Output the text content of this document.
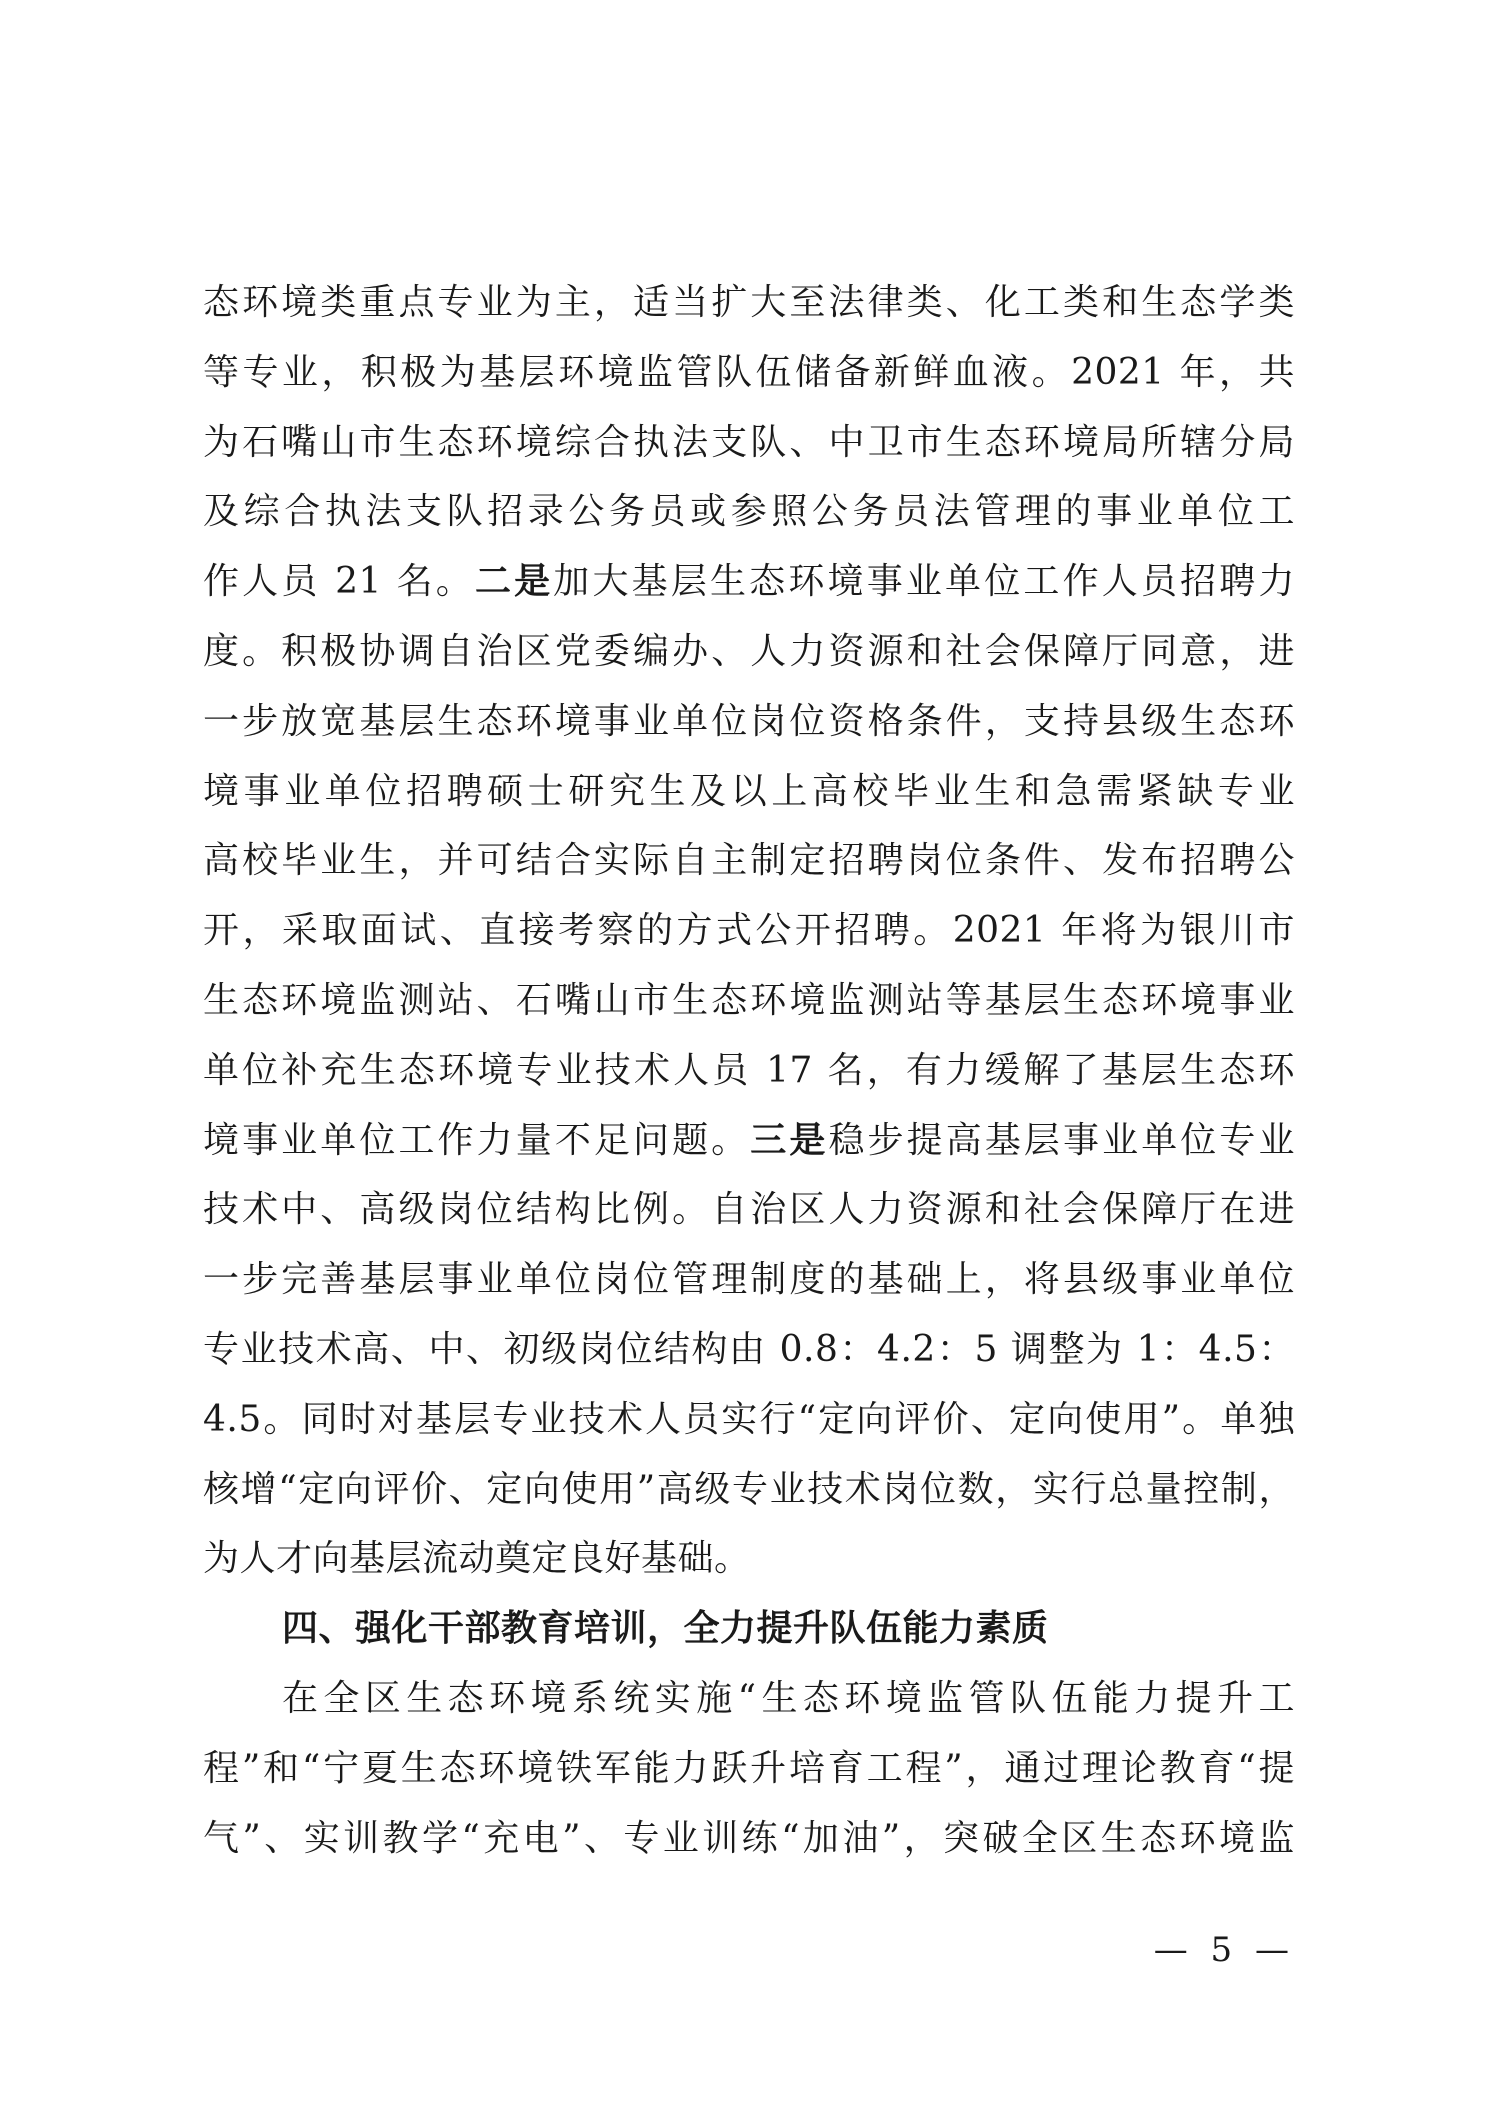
态环境类重点专业为主，适当扩大至法律类、化工类和生态学类
等专业，积极为基层环境监管队伍储备新鲜血液。2021 年，共
为石嘴山市生态环境综合执法支队、中卫市生态环境局所辖分局
及综合执法支队招录公务员或参照公务员法管理的事业单位工
作人员 21 名。二是加大基层生态环境事业单位工作人员招聘力
度。积极协调自治区党委编办、人力资源和社会保障厅同意，进
一步放宽基层生态环境事业单位岗位资格条件，支持县级生态环
境事业单位招聘硕士研究生及以上高校毕业生和急需紧缺专业
高校毕业生，并可结合实际自主制定招聘岗位条件、发布招聘公
开，采取面试、直接考察的方式公开招聘。2021 年将为银川市
生态环境监测站、石嘴山市生态环境监测站等基层生态环境事业
单位补充生态环境专业技术人员 17 名，有力缓解了基层生态环
境事业单位工作力量不足问题。三是稳步提高基层事业单位专业
技术中、高级岗位结构比例。自治区人力资源和社会保障厅在进
一步完善基层事业单位岗位管理制度的基础上，将县级事业单位
专业技术高、中、初级岗位结构由 0.8：4.2：5 调整为 1：4.5：
4.5。同时对基层专业技术人员实行“定向评价、定向使用”。单独
核增“定向评价、定向使用”高级专业技术岗位数，实行总量控制，
为人才向基层流动奠定良好基础。
四、强化干部教育培训，全力提升队伍能力素质
在全区生态环境系统实施“生态环境监管队伍能力提升工
程”和“宁夏生态环境铁军能力跃升培育工程”，通过理论教育“提
气”、实训教学“充电”、专业训练“加油”，突破全区生态环境监
— 5 —
